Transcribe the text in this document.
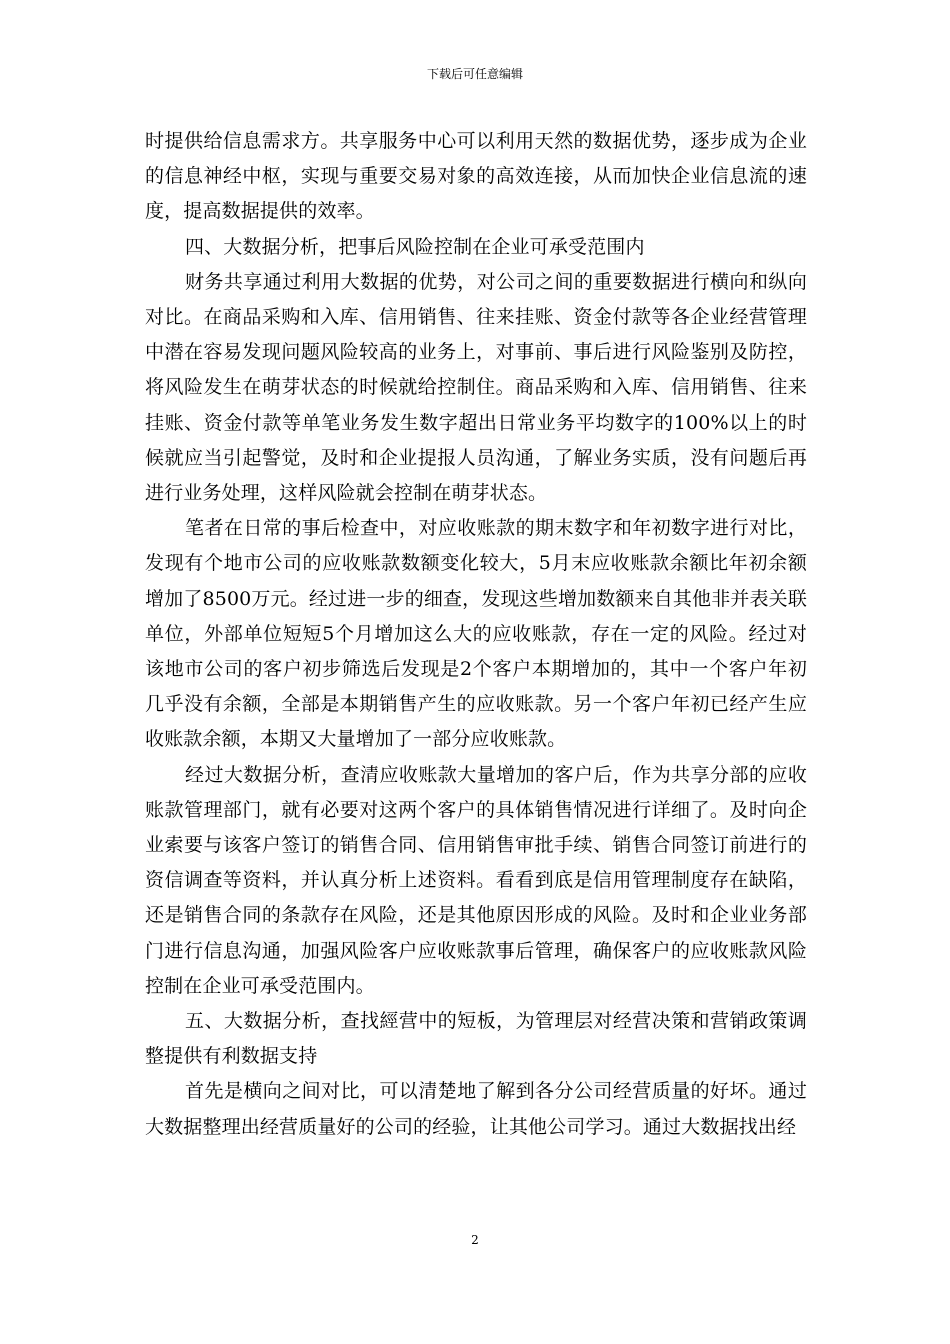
下载后可任意编辑

时提供给信息需求方。共享服务中心可以利用天然的数据优势，逐步成为企业的信息神经中枢，实现与重要交易对象的高效连接，从而加快企业信息流的速度，提高数据提供的效率。

四、大数据分析，把事后风险控制在企业可承受范围内

财务共享通过利用大数据的优势，对公司之间的重要数据进行横向和纵向对比。在商品采购和入库、信用销售、往来挂账、资金付款等各企业经营管理中潜在容易发现问题风险较高的业务上，对事前、事后进行风险鉴别及防控，将风险发生在萌芽状态的时候就给控制住。商品采购和入库、信用销售、往来挂账、资金付款等单笔业务发生数字超出日常业务平均数字的100%以上的时候就应当引起警觉，及时和企业提报人员沟通，了解业务实质，没有问题后再进行业务处理，这样风险就会控制在萌芽状态。

笔者在日常的事后检查中，对应收账款的期末数字和年初数字进行对比，发现有个地市公司的应收账款数额变化较大，5月末应收账款余额比年初余额增加了8500万元。经过进一步的细查，发现这些增加数额来自其他非并表关联单位，外部单位短短5个月增加这么大的应收账款，存在一定的风险。经过对该地市公司的客户初步筛选后发现是2个客户本期增加的，其中一个客户年初几乎没有余额，全部是本期销售产生的应收账款。另一个客户年初已经产生应收账款余额，本期又大量增加了一部分应收账款。

经过大数据分析，查清应收账款大量增加的客户后，作为共享分部的应收账款管理部门，就有必要对这两个客户的具体销售情况进行详细了。及时向企业索要与该客户签订的销售合同、信用销售审批手续、销售合同签订前进行的资信调查等资料，并认真分析上述资料。看看到底是信用管理制度存在缺陷，还是销售合同的条款存在风险，还是其他原因形成的风险。及时和企业业务部门进行信息沟通，加强风险客户应收账款事后管理，确保客户的应收账款风险控制在企业可承受范围内。

五、大数据分析，查找經营中的短板，为管理层对经营决策和营销政策调整提供有利数据支持

首先是横向之间对比，可以清楚地了解到各分公司经营质量的好坏。通过大数据整理出经营质量好的公司的经验，让其他公司学习。通过大数据找出经

2
